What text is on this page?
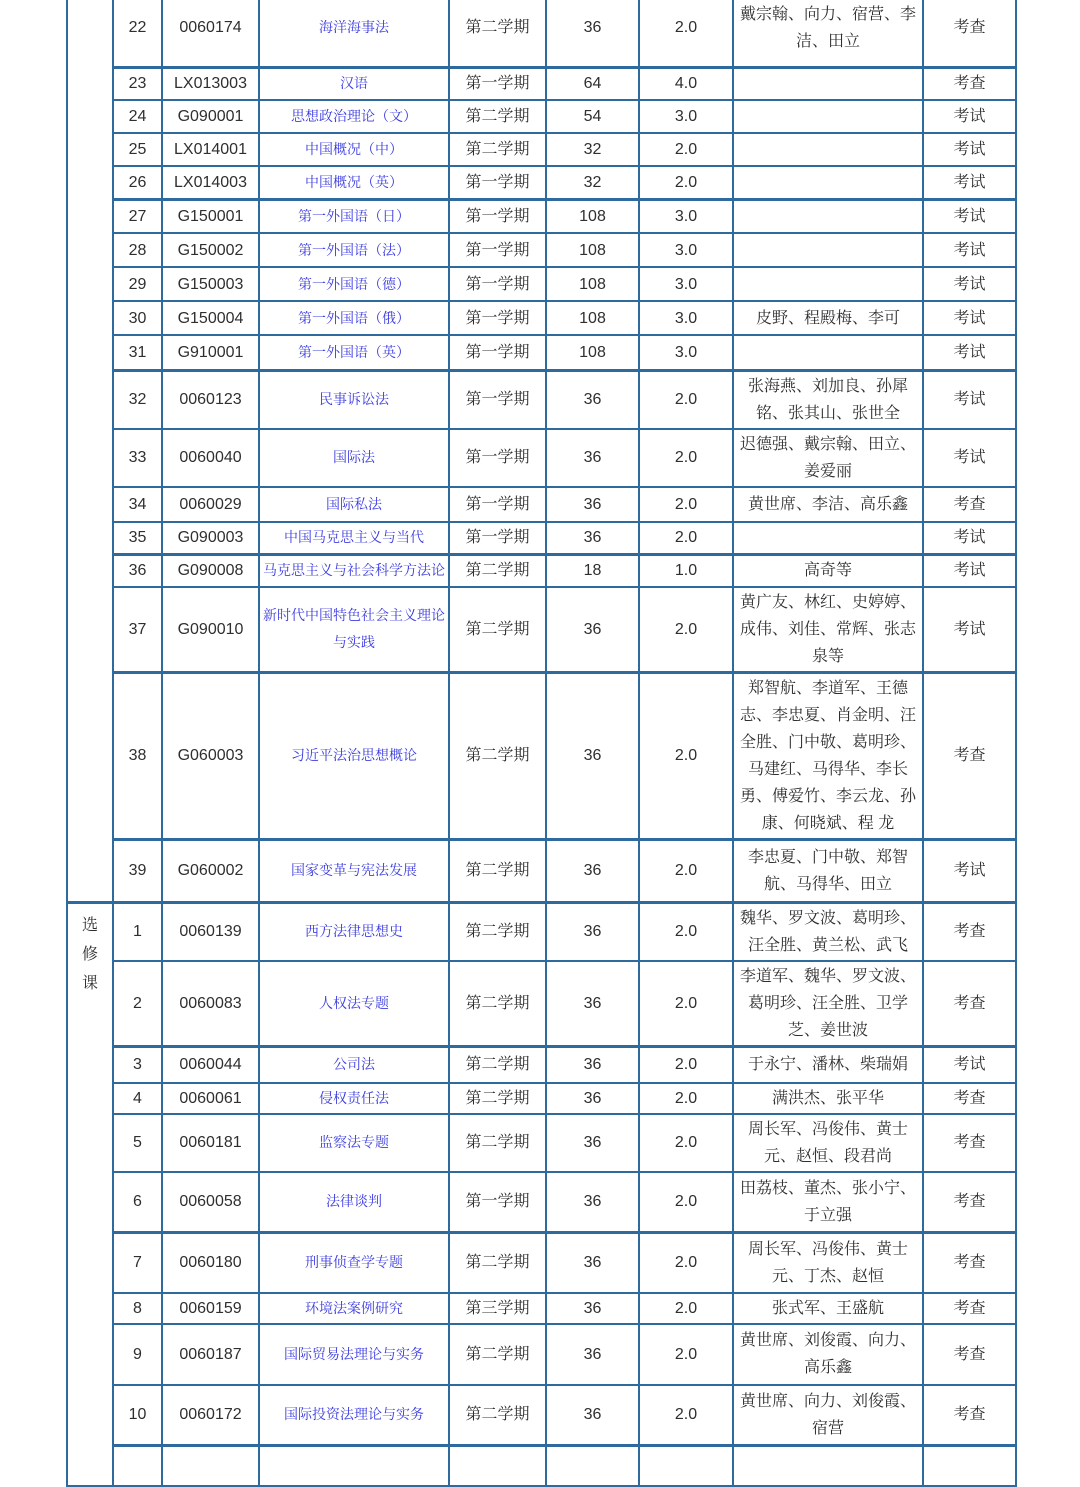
	22	0060174	海洋海事法	第二学期	36	2.0	戴宗翰、向力、宿营、李洁、田立	考查
	23	LX013003	汉语	第一学期	64	4.0		考查
	24	G090001	思想政治理论（文）	第二学期	54	3.0		考试
	25	LX014001	中国概况（中）	第二学期	32	2.0		考试
	26	LX014003	中国概况（英）	第一学期	32	2.0		考试
	27	G150001	第一外国语（日）	第一学期	108	3.0		考试
	28	G150002	第一外国语（法）	第一学期	108	3.0		考试
	29	G150003	第一外国语（德）	第一学期	108	3.0		考试
	30	G150004	第一外国语（俄）	第一学期	108	3.0	皮野、程殿梅、李可	考试
	31	G910001	第一外国语（英）	第一学期	108	3.0		考试
	32	0060123	民事诉讼法	第一学期	36	2.0	张海燕、刘加良、孙犀铭、张其山、张世全	考试
	33	0060040	国际法	第一学期	36	2.0	迟德强、戴宗翰、田立、姜爱丽	考试
	34	0060029	国际私法	第一学期	36	2.0	黄世席、李洁、高乐鑫	考查
	35	G090003	中国马克思主义与当代	第一学期	36	2.0		考试
	36	G090008	马克思主义与社会科学方法论	第二学期	18	1.0	高奇等	考试
	37	G090010	新时代中国特色社会主义理论与实践	第二学期	36	2.0	黄广友、林红、史婷婷、成伟、刘佳、常辉、张志泉等	考试
	38	G060003	习近平法治思想概论	第二学期	36	2.0	郑智航、李道军、王德志、李忠夏、肖金明、汪全胜、门中敬、葛明珍、马建红、马得华、李长勇、傅爱竹、李云龙、孙 康、何晓斌、程 龙	考查
	39	G060002	国家变革与宪法发展	第二学期	36	2.0	李忠夏、门中敬、郑智航、马得华、田立	考试

选修课	1	0060139	西方法律思想史	第二学期	36	2.0	魏华、罗文波、葛明珍、汪全胜、黄兰松、武飞	考查
	2	0060083	人权法专题	第二学期	36	2.0	李道军、魏华、罗文波、葛明珍、汪全胜、卫学芝、姜世波	考查
	3	0060044	公司法	第二学期	36	2.0	于永宁、潘林、柴瑞娟	考试
	4	0060061	侵权责任法	第二学期	36	2.0	满洪杰、张平华	考查
	5	0060181	监察法专题	第二学期	36	2.0	周长军、冯俊伟、黄士元、赵恒、段君尚	考查
	6	0060058	法律谈判	第一学期	36	2.0	田荔枝、董杰、张小宁、于立强	考查
	7	0060180	刑事侦查学专题	第二学期	36	2.0	周长军、冯俊伟、黄士元、丁杰、赵恒	考查
	8	0060159	环境法案例研究	第三学期	36	2.0	张式军、王盛航	考查
	9	0060187	国际贸易法理论与实务	第二学期	36	2.0	黄世席、刘俊霞、向力、高乐鑫	考查
	10	0060172	国际投资法理论与实务	第二学期	36	2.0	黄世席、向力、刘俊霞、宿营	考查
